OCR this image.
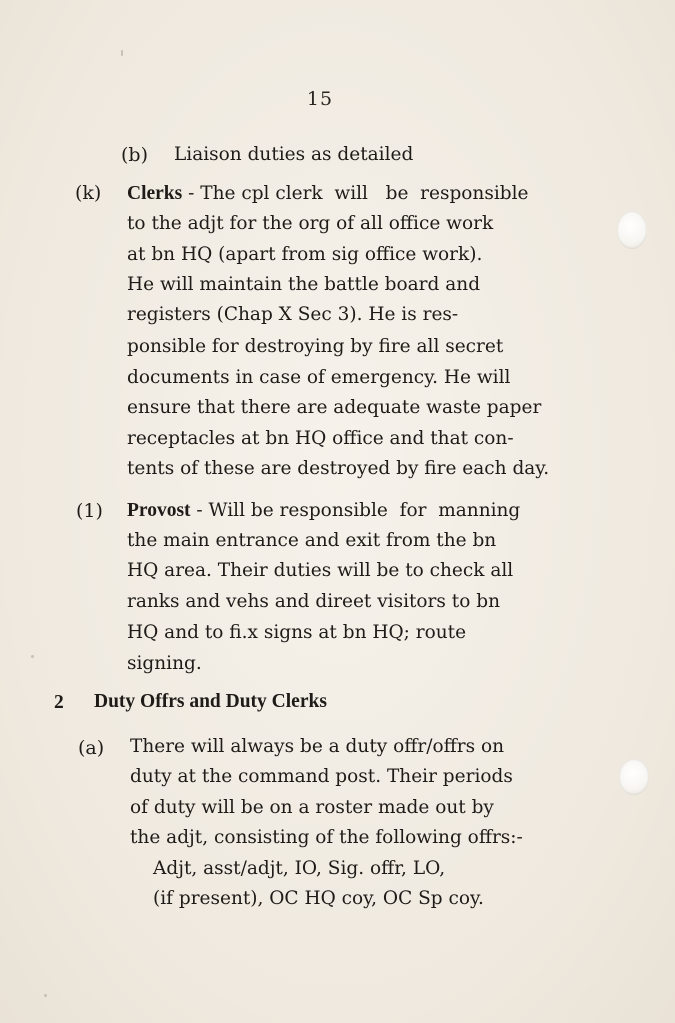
15
(b) Liaison duties as detailed
(k) Clerks - The cpl clerk  will   be  responsible
to the adjt for the org of all office work
at bn HQ (apart from sig office work).
He will maintain the battle board and
registers (Chap X Sec 3). He is res-
ponsible for destroying by fire all secret
documents in case of emergency. He will
ensure that there are adequate waste paper
receptacles at bn HQ office and that con-
tents of these are destroyed by fire each day.
(1) Provost - Will be responsible  for  manning
the main entrance and exit from the bn
HQ area. Their duties will be to check all
ranks and vehs and direet visitors to bn
HQ and to fi.x signs at bn HQ; route
signing.
2 Duty Offrs and Duty Clerks
(a) There will always be a duty offr/offrs on
duty at the command post. Their periods
of duty will be on a roster made out by
the adjt, consisting of the following offrs:-
Adjt, asst/adjt, IO, Sig. offr, LO,
(if present), OC HQ coy, OC Sp coy.
